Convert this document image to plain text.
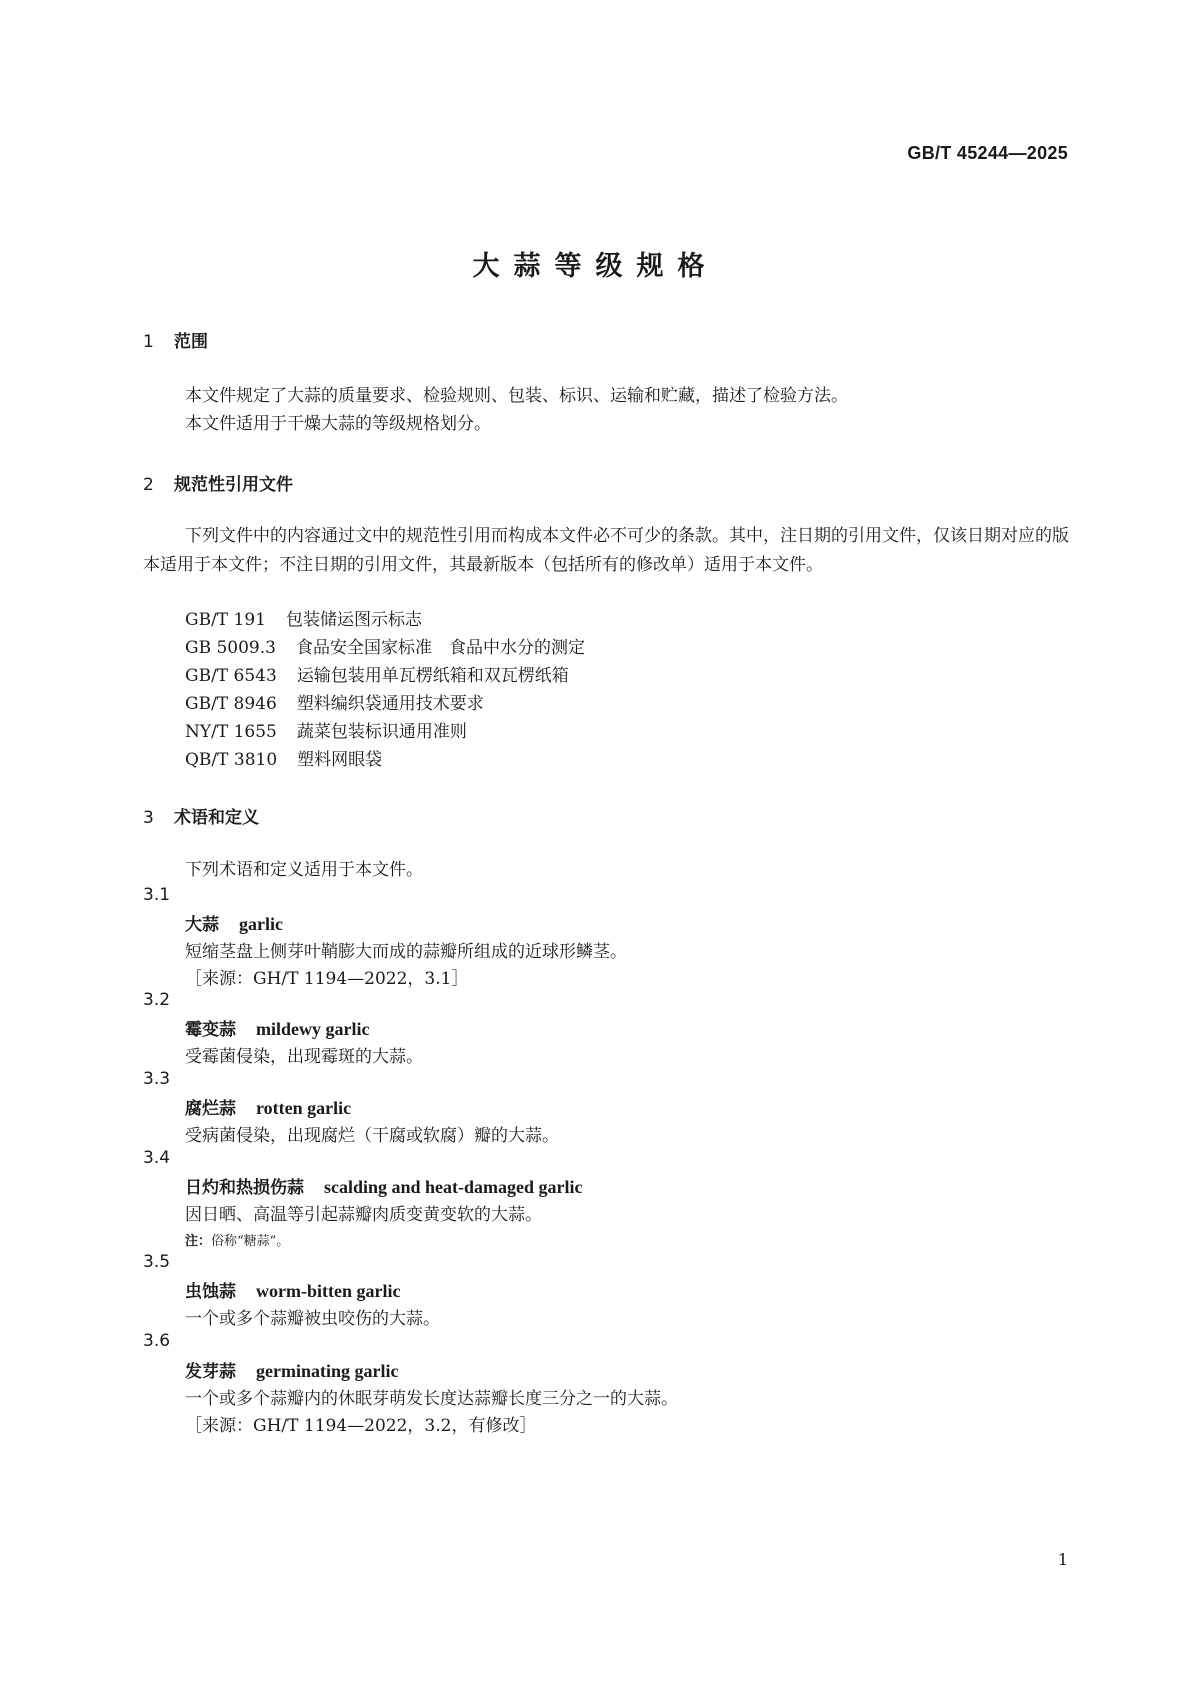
GB/T 45244—2025
大蒜等级规格
1 范围
本文件规定了大蒜的质量要求、检验规则、包装、标识、运输和贮藏，描述了检验方法。
本文件适用于干燥大蒜的等级规格划分。
2 规范性引用文件
下列文件中的内容通过文中的规范性引用而构成本文件必不可少的条款。其中，注日期的引用文件，仅该日期对应的版本适用于本文件；不注日期的引用文件，其最新版本（包括所有的修改单）适用于本文件。
GB/T 191 包装储运图示标志
GB 5009.3 食品安全国家标准　食品中水分的测定
GB/T 6543 运输包装用单瓦楞纸箱和双瓦楞纸箱
GB/T 8946 塑料编织袋通用技术要求
NY/T 1655 蔬菜包装标识通用准则
QB/T 3810 塑料网眼袋
3 术语和定义
下列术语和定义适用于本文件。
3.1
大蒜 garlic
短缩茎盘上侧芽叶鞘膨大而成的蒜瓣所组成的近球形鳞茎。
［来源：GH/T 1194—2022，3.1］
3.2
霉变蒜 mildewy garlic
受霉菌侵染，出现霉斑的大蒜。
3.3
腐烂蒜 rotten garlic
受病菌侵染，出现腐烂（干腐或软腐）瓣的大蒜。
3.4
日灼和热损伤蒜 scalding and heat-damaged garlic
因日晒、高温等引起蒜瓣肉质变黄变软的大蒜。
注：俗称“糖蒜”。
3.5
虫蚀蒜 worm-bitten garlic
一个或多个蒜瓣被虫咬伤的大蒜。
3.6
发芽蒜 germinating garlic
一个或多个蒜瓣内的休眠芽萌发长度达蒜瓣长度三分之一的大蒜。
［来源：GH/T 1194—2022，3.2，有修改］
1
